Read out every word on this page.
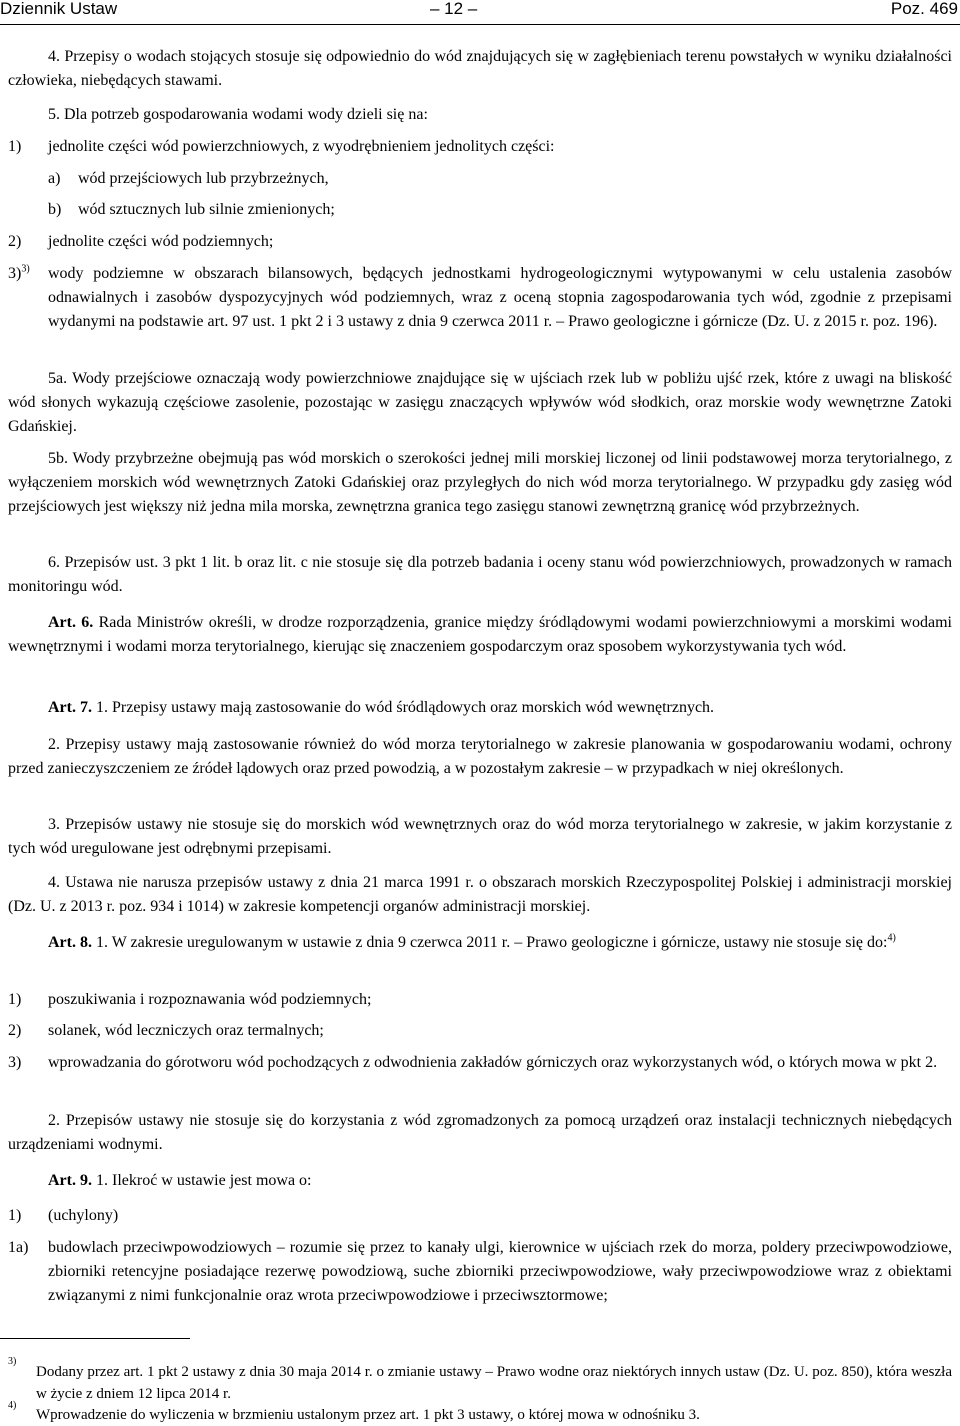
Dziennik Ustaw	– 12 –	Poz. 469

4. Przepisy o wodach stojących stosuje się odpowiednio do wód znajdujących się w zagłębieniach terenu powstałych w wyniku działalności człowieka, niebędących stawami.

5. Dla potrzeb gospodarowania wodami wody dzieli się na:

1) jednolite części wód powierzchniowych, z wyodrębnieniem jednolitych części:

a) wód przejściowych lub przybrzeżnych,

b) wód sztucznych lub silnie zmienionych;

2) jednolite części wód podziemnych;

3)$^{3)}$ wody podziemne w obszarach bilansowych, będących jednostkami hydrogeologicznymi wytypowanymi w celu ustalenia zasobów odnawialnych i zasobów dyspozycyjnych wód podziemnych, wraz z oceną stopnia zagospodarowania tych wód, zgodnie z przepisami wydanymi na podstawie art. 97 ust. 1 pkt 2 i 3 ustawy z dnia 9 czerwca 2011 r. – Prawo geologiczne i górnicze (Dz. U. z 2015 r. poz. 196).

5a. Wody przejściowe oznaczają wody powierzchniowe znajdujące się w ujściach rzek lub w pobliżu ujść rzek, które z uwagi na bliskość wód słonych wykazują częściowe zasolenie, pozostając w zasięgu znaczących wpływów wód słodkich, oraz morskie wody wewnętrzne Zatoki Gdańskiej.

5b. Wody przybrzeżne obejmują pas wód morskich o szerokości jednej mili morskiej liczonej od linii podstawowej morza terytorialnego, z wyłączeniem morskich wód wewnętrznych Zatoki Gdańskiej oraz przyległych do nich wód morza terytorialnego. W przypadku gdy zasięg wód przejściowych jest większy niż jedna mila morska, zewnętrzna granica tego zasięgu stanowi zewnętrzną granicę wód przybrzeżnych.

6. Przepisów ust. 3 pkt 1 lit. b oraz lit. c nie stosuje się dla potrzeb badania i oceny stanu wód powierzchniowych, prowadzonych w ramach monitoringu wód.

Art. 6. Rada Ministrów określi, w drodze rozporządzenia, granice między śródlądowymi wodami powierzchniowymi a morskimi wodami wewnętrznymi i wodami morza terytorialnego, kierując się znaczeniem gospodarczym oraz sposobem wykorzystywania tych wód.

Art. 7. 1. Przepisy ustawy mają zastosowanie do wód śródlądowych oraz morskich wód wewnętrznych.

2. Przepisy ustawy mają zastosowanie również do wód morza terytorialnego w zakresie planowania w gospodarowaniu wodami, ochrony przed zanieczyszczeniem ze źródeł lądowych oraz przed powodzią, a w pozostałym zakresie – w przypadkach w niej określonych.

3. Przepisów ustawy nie stosuje się do morskich wód wewnętrznych oraz do wód morza terytorialnego w zakresie, w jakim korzystanie z tych wód uregulowane jest odrębnymi przepisami.

4. Ustawa nie narusza przepisów ustawy z dnia 21 marca 1991 r. o obszarach morskich Rzeczypospolitej Polskiej i administracji morskiej (Dz. U. z 2013 r. poz. 934 i 1014) w zakresie kompetencji organów administracji morskiej.

Art. 8. 1. W zakresie uregulowanym w ustawie z dnia 9 czerwca 2011 r. – Prawo geologiczne i górnicze, ustawy nie stosuje się do:$^{4)}$

1) poszukiwania i rozpoznawania wód podziemnych;

2) solanek, wód leczniczych oraz termalnych;

3) wprowadzania do górotworu wód pochodzących z odwodnienia zakładów górniczych oraz wykorzystanych wód, o których mowa w pkt 2.

2. Przepisów ustawy nie stosuje się do korzystania z wód zgromadzonych za pomocą urządzeń oraz instalacji technicznych niebędących urządzeniami wodnymi.

Art. 9. 1. Ilekroć w ustawie jest mowa o:

1) (uchylony)

1a) budowlach przeciwpowodziowych – rozumie się przez to kanały ulgi, kierownice w ujściach rzek do morza, poldery przeciwpowodziowe, zbiorniki retencyjne posiadające rezerwę powodziową, suche zbiorniki przeciwpowodziowe, wały przeciwpowodziowe wraz z obiektami związanymi z nimi funkcjonalnie oraz wrota przeciwpowodziowe i przeciwsztormowe;

3)

Dodany przez art. 1 pkt 2 ustawy z dnia 30 maja 2014 r. o zmianie ustawy – Prawo wodne oraz niektórych innych ustaw (Dz. U. poz. 850), która weszła w życie z dniem 12 lipca 2014 r.

4)

Wprowadzenie do wyliczenia w brzmieniu ustalonym przez art. 1 pkt 3 ustawy, o której mowa w odnośniku 3.
